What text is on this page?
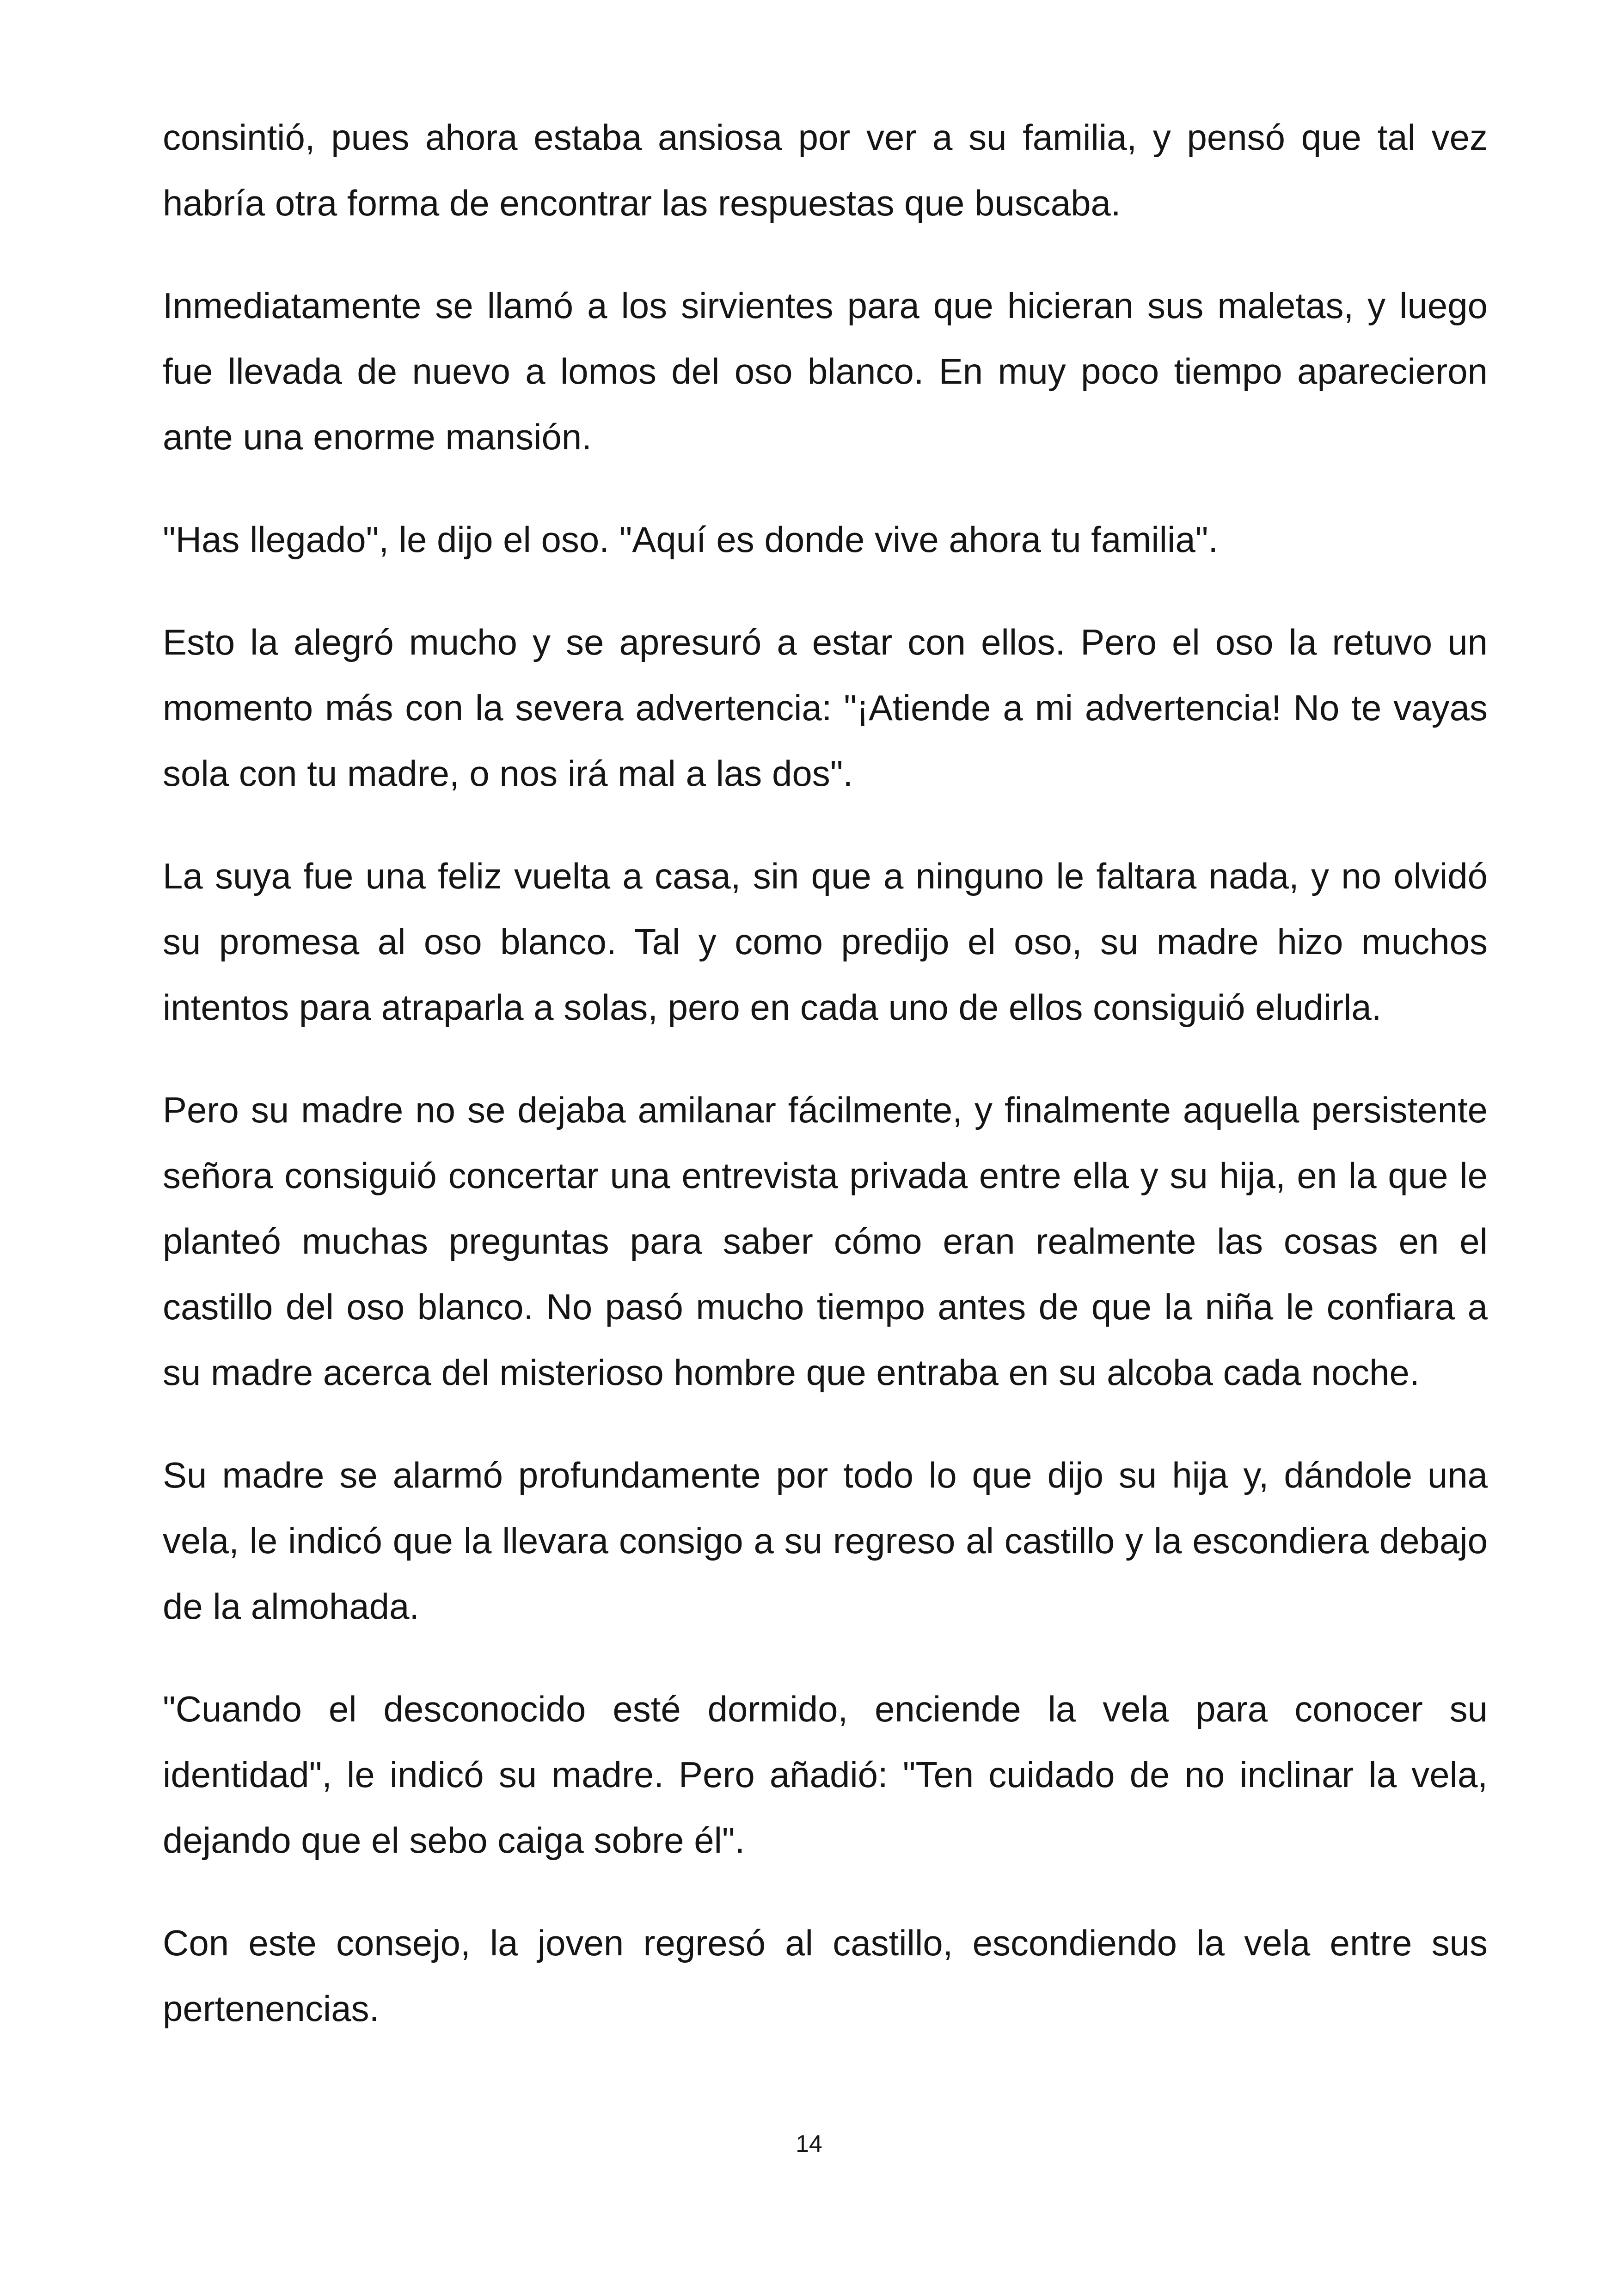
consintió, pues ahora estaba ansiosa por ver a su familia, y pensó que tal vez habría otra forma de encontrar las respuestas que buscaba.

Inmediatamente se llamó a los sirvientes para que hicieran sus maletas, y luego fue llevada de nuevo a lomos del oso blanco. En muy poco tiempo aparecieron ante una enorme mansión.

"Has llegado", le dijo el oso. "Aquí es donde vive ahora tu familia".

Esto la alegró mucho y se apresuró a estar con ellos. Pero el oso la retuvo un momento más con la severa advertencia: "¡Atiende a mi advertencia! No te vayas sola con tu madre, o nos irá mal a las dos".

La suya fue una feliz vuelta a casa, sin que a ninguno le faltara nada, y no olvidó su promesa al oso blanco. Tal y como predijo el oso, su madre hizo muchos intentos para atraparla a solas, pero en cada uno de ellos consiguió eludirla.

Pero su madre no se dejaba amilanar fácilmente, y finalmente aquella persistente señora consiguió concertar una entrevista privada entre ella y su hija, en la que le planteó muchas preguntas para saber cómo eran realmente las cosas en el castillo del oso blanco. No pasó mucho tiempo antes de que la niña le confiara a su madre acerca del misterioso hombre que entraba en su alcoba cada noche.

Su madre se alarmó profundamente por todo lo que dijo su hija y, dándole una vela, le indicó que la llevara consigo a su regreso al castillo y la escondiera debajo de la almohada.

"Cuando el desconocido esté dormido, enciende la vela para conocer su identidad", le indicó su madre. Pero añadió: "Ten cuidado de no inclinar la vela, dejando que el sebo caiga sobre él".

Con este consejo, la joven regresó al castillo, escondiendo la vela entre sus pertenencias.

14
